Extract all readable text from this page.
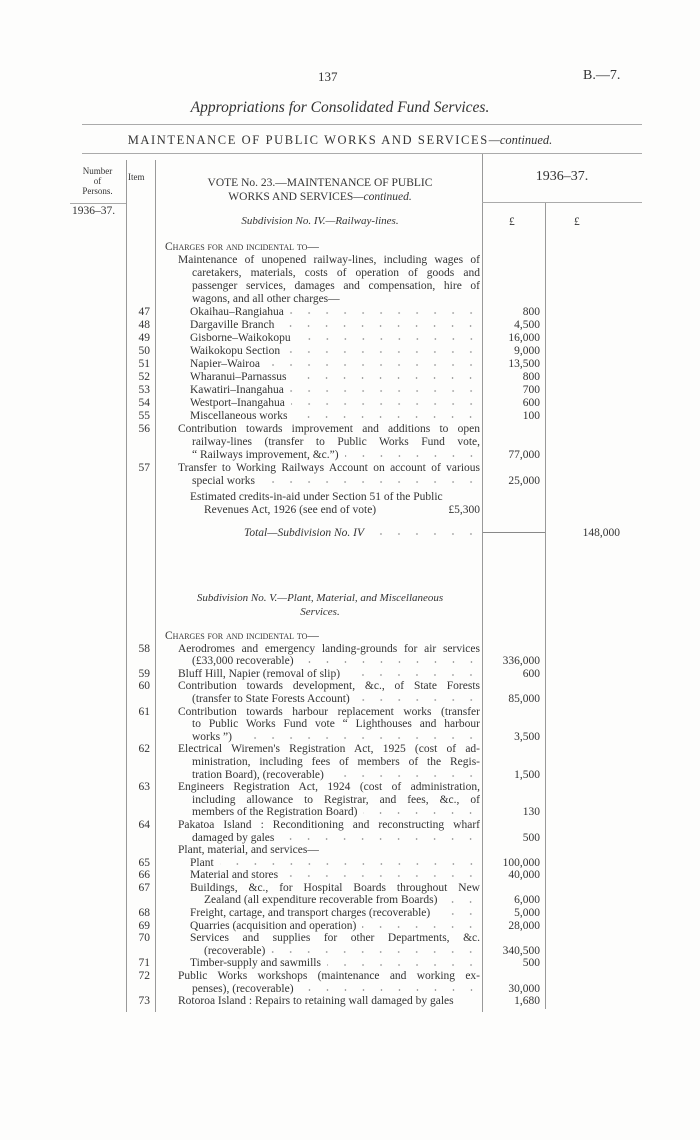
137	B.—7.
Appropriations for Consolidated Fund Services.
MAINTENANCE OF PUBLIC WORKS AND SERVICES—continued.
Number
of
Persons.
Item	VOTE No. 23.—MAINTENANCE OF PUBLIC
WORKS AND SERVICES—continued.
1936–37.
1936–37.
£	£
Subdivision No. IV.—Railway-lines.
Charges for and incidental to—
Maintenance of unopened railway-lines, including wages of
caretakers, materials, costs of operation of goods and
passenger services, damages and compensation, hire of
wagons, and all other charges—
47	Okaihau–Rangiahua	800
48	Dargaville Branch	4,500
49	Gisborne–Waikokopu	16,000
50	Waikokopu Section	9,000
51	Napier–Wairoa	13,500
52	Wharanui–Parnassus	800
53	Kawatiri–Inangahua	700
54	Westport–Inangahua	600
55	Miscellaneous works	100
56	Contribution towards improvement and additions to open
railway-lines (transfer to Public Works Fund vote,
“ Railways improvement, &c.”)	77,000
57	Transfer to Working Railways Account on account of various
special works	25,000
Estimated credits-in-aid under Section 51 of the Public
Revenues Act, 1926 (see end of vote)	£5,300
Total—Subdivision No. IV	148,000
Subdivision No. V.—Plant, Material, and Miscellaneous
Services.
Charges for and incidental to—
58	Aerodromes and emergency landing-grounds for air services
(£33,000 recoverable)	336,000
59 Bluff Hill, Napier (removal of slip)	600
60	Contribution towards development, &c., of State Forests
(transfer to State Forests Account)	85,000
61	Contribution towards harbour replacement works (transfer
to Public Works Fund vote “ Lighthouses and harbour
works ”)	3,500
62	Electrical Wiremen's Registration Act, 1925 (cost of ad-
ministration, including fees of members of the Regis-
tration Board), (recoverable)	1,500
63	Engineers Registration Act, 1924 (cost of administration,
including allowance to Registrar, and fees, &c., of
members of the Registration Board)	130
64	Pakatoa Island : Reconditioning and reconstructing wharf
damaged by gales	500
Plant, material, and services—
65	Plant	100,000
66	Material and stores	40,000
67	Buildings, &c., for Hospital Boards throughout New
Zealand (all expenditure recoverable from Boards)	6,000
68	Freight, cartage, and transport charges (recoverable)	5,000
69	Quarries (acquisition and operation)	28,000
70	Services and supplies for other Departments, &c.
(recoverable)	340,500
71	Timber-supply and sawmills	500
72	Public Works workshops (maintenance and working ex-
penses), (recoverable)	30,000
73 Rotoroa Island : Repairs to retaining wall damaged by gales	1,680
